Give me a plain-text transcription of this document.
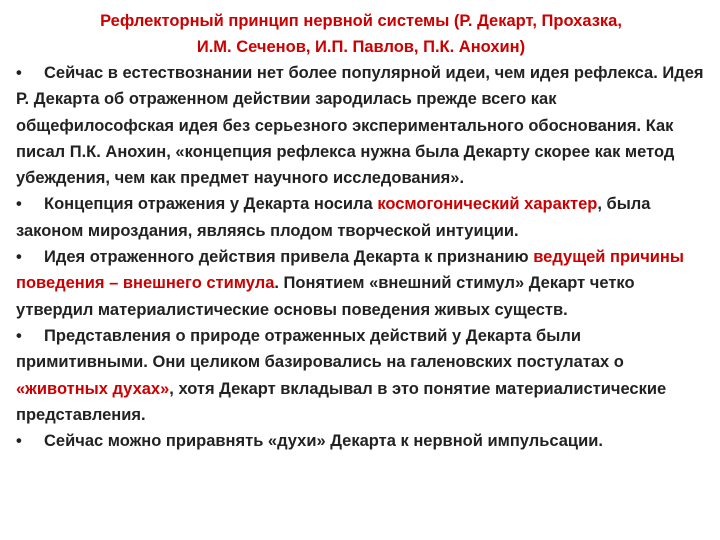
Рефлекторный принцип нервной системы (Р. Декарт, Прохазка,
И.М. Сеченов, И.П. Павлов, П.К. Анохин)

• Сейчас в естествознании нет более популярной идеи, чем идея рефлекса. Идея Р. Декарта об отраженном действии зародилась прежде всего как общефилософская идея без серьезного экспериментального обоснования. Как писал П.К. Анохин, «концепция рефлекса нужна была Декарту скорее как метод убеждения, чем как предмет научного исследования».

• Концепция отражения у Декарта носила космогонический характер, была законом мироздания, являясь плодом творческой интуиции.

• Идея отраженного действия привела Декарта к признанию ведущей причины поведения – внешнего стимула. Понятием «внешний стимул» Декарт четко утвердил материалистические основы поведения живых существ.

• Представления о природе отраженных действий у Декарта были примитивными. Они целиком базировались на галеновских постулатах о «животных духах», хотя Декарт вкладывал в это понятие материалистические представления.

• Сейчас можно приравнять «духи» Декарта к нервной импульсации.
